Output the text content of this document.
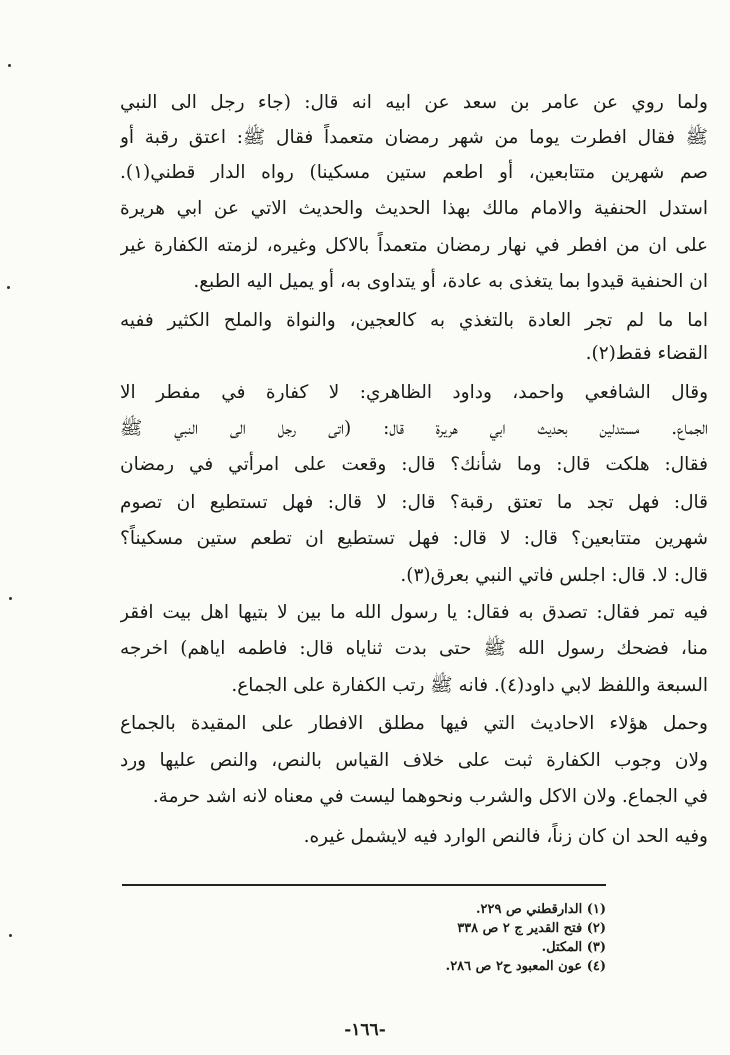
ولما روي عن عامر بن سعد عن ابيه انه قال: (جاء رجل الى النبي
ﷺ فقال افطرت يوما من شهر رمضان متعمداً فقال ﷺ: اعتق رقبة أو
صم شهرين متتابعين، أو اطعم ستين مسكينا) رواه الدار قطني(١).
استدل الحنفية والامام مالك بهذا الحديث والحديث الاتي عن ابي هريرة
على ان من افطر في نهار رمضان متعمداً بالاكل وغيره، لزمته الكفارة غير
ان الحنفية قيدوا بما يتغذى به عادة، أو يتداوى به، أو يميل اليه الطبع.
اما ما لم تجر العادة بالتغذي به كالعجين، والنواة والملح الكثير ففيه
القضاء فقط(٢).
وقال الشافعي واحمد، وداود الظاهري: لا كفارة في مفطر الا
الجماع. مستدلين بحديث ابي هريرة قال: (اتى رجل الى النبي ﷺ
فقال: هلكت قال: وما شأنك؟ قال: وقعت على امرأتي في رمضان
قال: فهل تجد ما تعتق رقبة؟ قال: لا قال: فهل تستطيع ان تصوم
شهرين متتابعين؟ قال: لا قال: فهل تستطيع ان تطعم ستين مسكيناً؟
قال: لا. قال: اجلس فاتي النبي بعرق(٣).
فيه تمر فقال: تصدق به فقال: يا رسول الله ما بين لا بتيها اهل بيت افقر
منا، فضحك رسول الله ﷺ حتى بدت ثناياه قال: فاطمه اياهم) اخرجه
السبعة واللفظ لابي داود(٤). فانه ﷺ رتب الكفارة على الجماع.
وحمل هؤلاء الاحاديث التي فيها مطلق الافطار على المقيدة بالجماع
ولان وجوب الكفارة ثبت على خلاف القياس بالنص، والنص عليها ورد
في الجماع. ولان الاكل والشرب ونحوهما ليست في معناه لانه اشد حرمة.
وفيه الحد ان كان زناً، فالنص الوارد فيه لايشمل غيره.
(١) الدارقطني ص ٢٢٩.
(٢) فتح القدير ج ٢ ص ٣٣٨
(٣) المكتل.
(٤) عون المعبود ح٢ ص ٢٨٦.
-١٦٦-
